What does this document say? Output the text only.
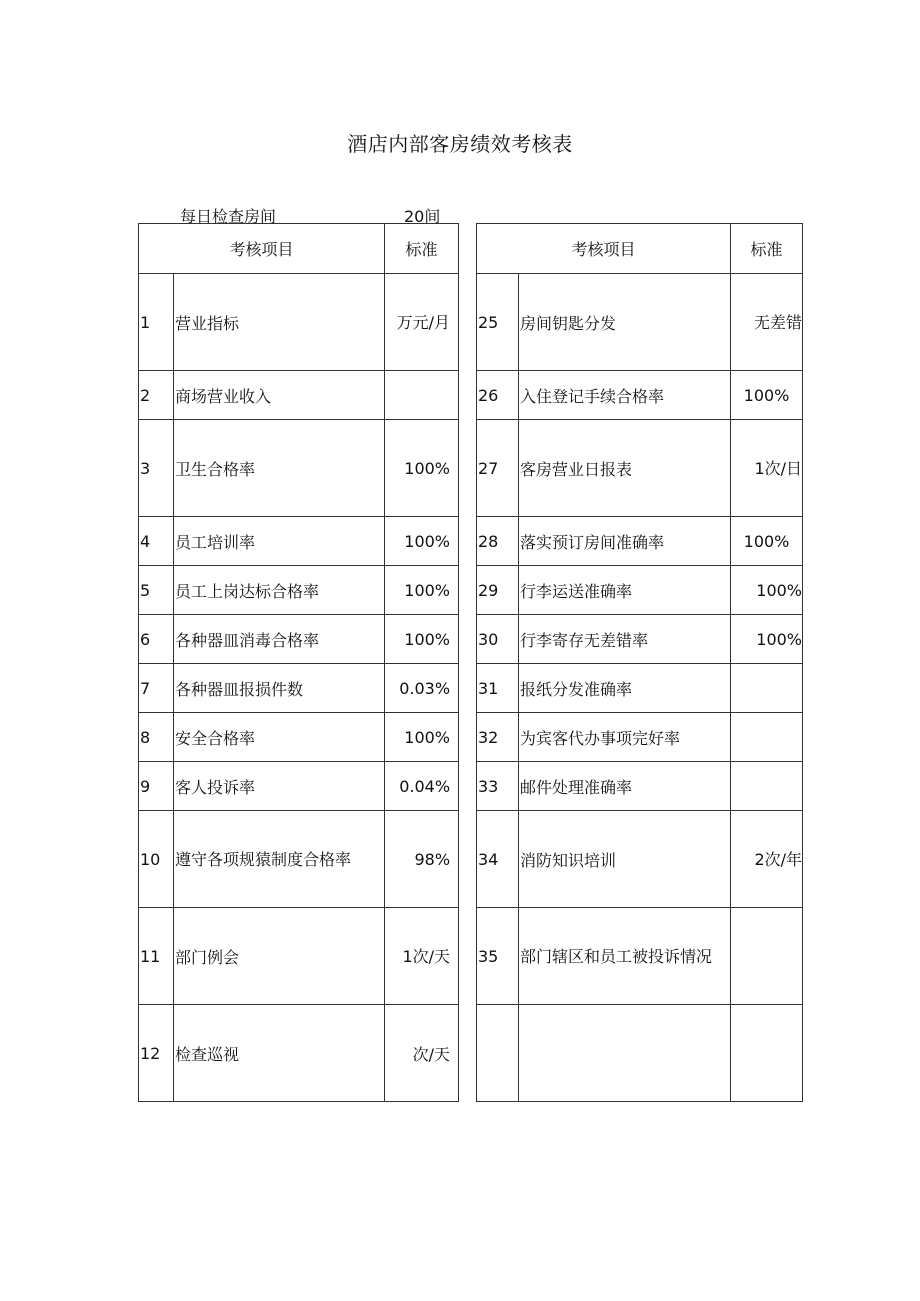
酒店内部客房绩效考核表
每日检查房间	20间
考核项目		标准
1	营业指标	万元/月
2	商场营业收入	
3	卫生合格率	100%
4	员工培训率	100%
5	员工上岗达标合格率	100%
6	各种器皿消毒合格率	100%
7	各种器皿报损件数	0.03%
8	安全合格率	100%
9	客人投诉率	0.04%
10	遵守各项规猿制度合格率	98%
11	部门例会	1次/天
12	检查巡视	次/天
考核项目		标准
25	房间钥匙分发	无差错
26	入住登记手续合格率	100%
27	客房营业日报表	1次/日
28	落实预订房间准确率	100%
29	行李运送准确率	100%
30	行李寄存无差错率	100%
31	报纸分发准确率	
32	为宾客代办事项完好率	
33	邮件处理准确率	
34	消防知识培训	2次/年
35	部门辖区和员工被投诉情况	
